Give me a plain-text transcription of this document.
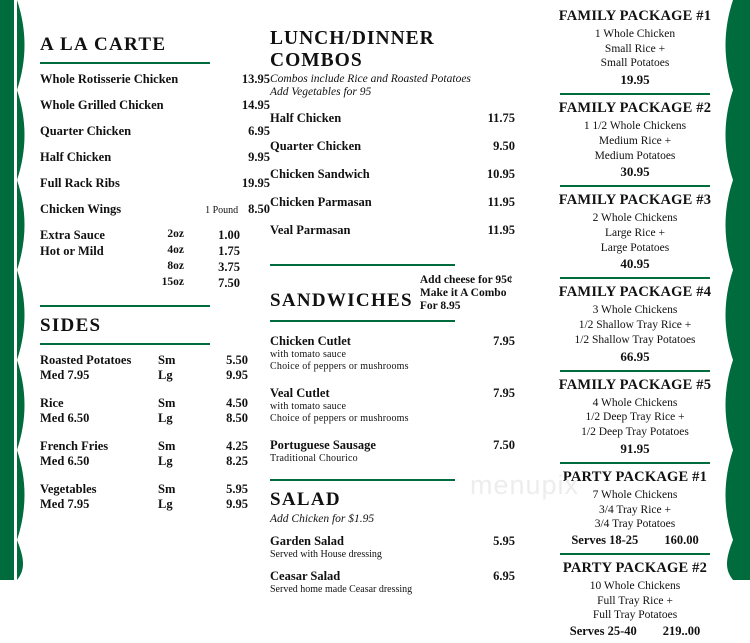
A LA CARTE
Whole Rotisserie Chicken	13.95
Whole Grilled Chicken	14.95
Quarter Chicken	6.95
Half Chicken	9.95
Full Rack Ribs	19.95
Chicken Wings	1 Pound 8.50
Extra Sauce	2oz	1.00
Hot or Mild	4oz	1.75
8oz	3.75
15oz	7.50
SIDES
Roasted Potatoes	Sm	5.50
Med 7.95	Lg	9.95
Rice	Sm	4.50
Med 6.50	Lg	8.50
French Fries	Sm	4.25
Med 6.50	Lg	8.25
Vegetables	Sm	5.95
Med 7.95	Lg	9.95
LUNCH/DINNER COMBOS
Combos include Rice and Roasted Potatoes
Add Vegetables for 95
Half Chicken	11.75
Quarter Chicken	9.50
Chicken Sandwich	10.95
Chicken Parmasan	11.95
Veal Parmasan	11.95
SANDWICHES
Add cheese for 95¢
Make it A Combo For 8.95
Chicken Cutlet	7.95
with tomato sauce
Choice of peppers or mushrooms
Veal Cutlet	7.95
with tomato sauce
Choice of peppers or mushrooms
Portuguese Sausage	7.50
Traditional Chourico
SALAD
Add Chicken for $1.95
Garden Salad	5.95
Served with House dressing
Ceasar Salad	6.95
Served home made Ceasar dressing
FAMILY PACKAGE #1
1 Whole Chicken
Small Rice +
Small Potatoes
19.95
FAMILY PACKAGE #2
1 1/2 Whole Chickens
Medium Rice +
Medium Potatoes
30.95
FAMILY PACKAGE #3
2 Whole Chickens
Large Rice +
Large Potatoes
40.95
FAMILY PACKAGE #4
3 Whole Chickens
1/2 Shallow Tray Rice +
1/2 Shallow Tray Potatoes
66.95
FAMILY PACKAGE #5
4 Whole Chickens
1/2 Deep Tray Rice +
1/2 Deep Tray Potatoes
91.95
PARTY PACKAGE #1
7 Whole Chickens
3/4 Tray Rice +
3/4 Tray Potatoes
Serves 18-25 160.00
PARTY PACKAGE #2
10 Whole Chickens
Full Tray Rice +
Full Tray Potatoes
Serves 25-40 219..00
menupix
